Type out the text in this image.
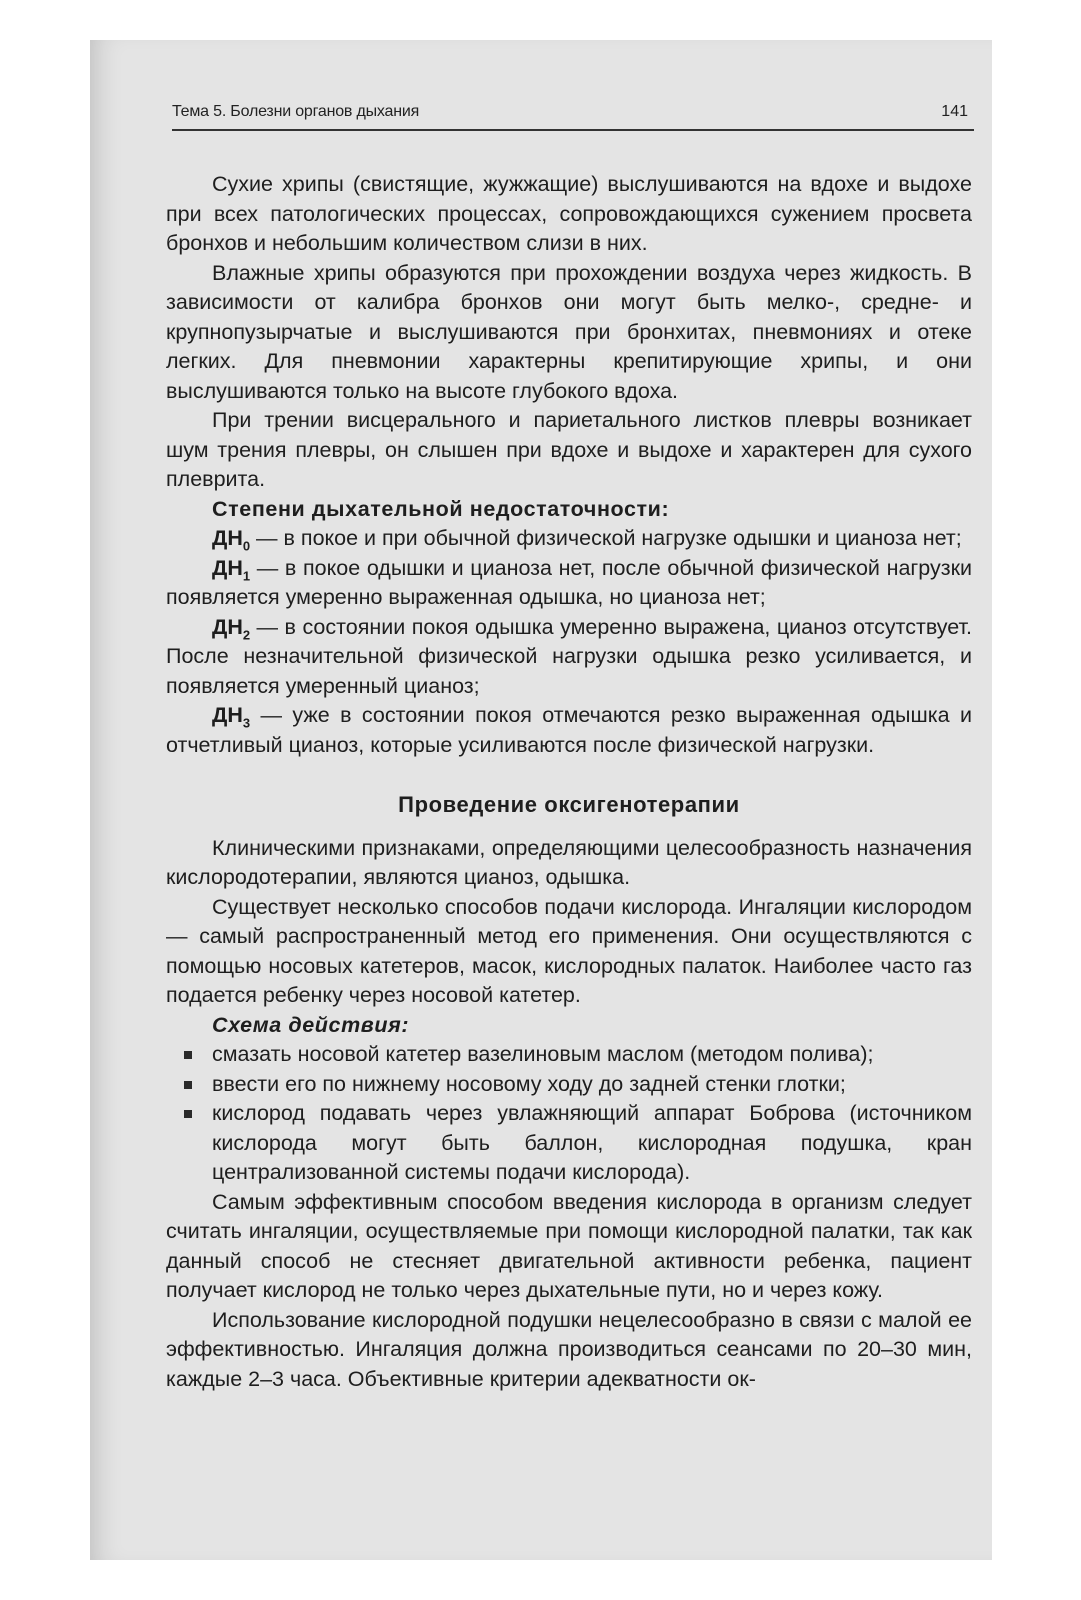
Тема 5. Болезни органов дыхания	141

Сухие хрипы (свистящие, жужжащие) выслушиваются на вдохе и выдохе при всех патологических процессах, сопровождающихся сужением просвета бронхов и небольшим количеством слизи в них.

Влажные хрипы образуются при прохождении воздуха через жидкость. В зависимости от калибра бронхов они могут быть мелко-, средне- и крупнопузырчатые и выслушиваются при бронхитах, пневмониях и отеке легких. Для пневмонии характерны крепитирующие хрипы, и они выслушиваются только на высоте глубокого вдоха.

При трении висцерального и париетального листков плевры возникает шум трения плевры, он слышен при вдохе и выдохе и характерен для сухого плеврита.

Степени дыхательной недостаточности:

$ДН_0$ — в покое и при обычной физической нагрузке одышки и цианоза нет;

$ДН_1$ — в покое одышки и цианоза нет, после обычной физической нагрузки появляется умеренно выраженная одышка, но цианоза нет;

$ДН_2$ — в состоянии покоя одышка умеренно выражена, цианоз отсутствует. После незначительной физической нагрузки одышка резко усиливается, и появляется умеренный цианоз;

$ДН_3$ — уже в состоянии покоя отмечаются резко выраженная одышка и отчетливый цианоз, которые усиливаются после физической нагрузки.

Проведение оксигенотерапии

Клиническими признаками, определяющими целесообразность назначения кислородотерапии, являются цианоз, одышка.

Существует несколько способов подачи кислорода. Ингаляции кислородом — самый распространенный метод его применения. Они осуществляются с помощью носовых катетеров, масок, кислородных палаток. Наиболее часто газ подается ребенку через носовой катетер.

Схема действия:
смазать носовой катетер вазелиновым маслом (методом полива);
ввести его по нижнему носовому ходу до задней стенки глотки;
кислород подавать через увлажняющий аппарат Боброва (источником кислорода могут быть баллон, кислородная подушка, кран централизованной системы подачи кислорода).

Самым эффективным способом введения кислорода в организм следует считать ингаляции, осуществляемые при помощи кислородной палатки, так как данный способ не стесняет двигательной активности ребенка, пациент получает кислород не только через дыхательные пути, но и через кожу.

Использование кислородной подушки нецелесообразно в связи с малой ее эффективностью. Ингаляция должна производиться сеансами по 20–30 мин, каждые 2–3 часа. Объективные критерии адекватности ок-
